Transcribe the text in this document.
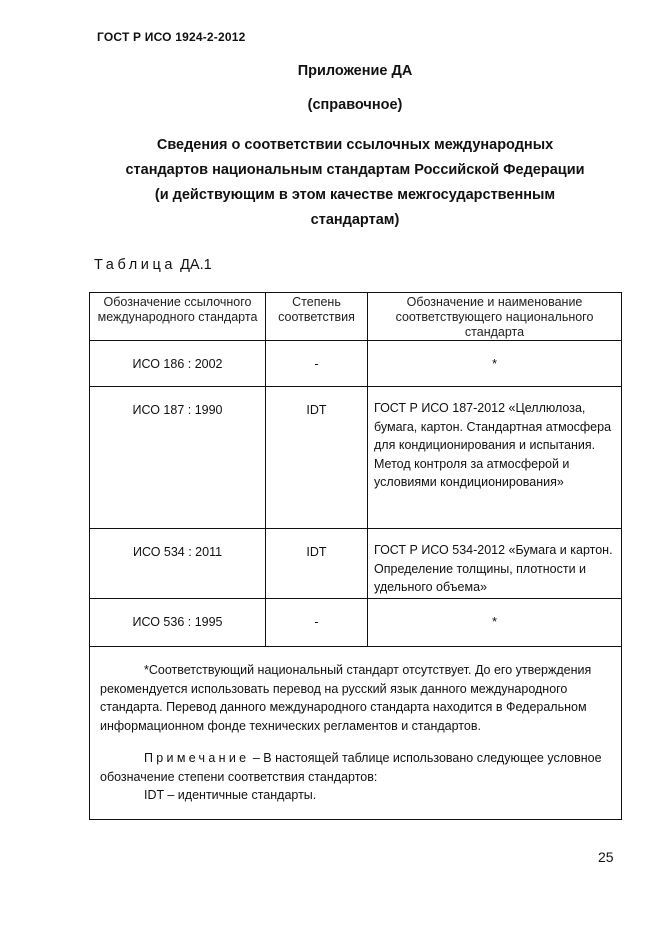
ГОСТ Р ИСО 1924-2-2012
Приложение ДА
(справочное)
Сведения о соответствии ссылочных международных
стандартов национальным стандартам Российской Федерации
(и действующим в этом качестве межгосударственным
стандартам)
Таблица ДА.1
Обозначение ссылочного международного стандарта	Степень соответствия	Обозначение и наименование соответствующего национального стандарта
ИСО 186 : 2002	-	*
ИСО 187 : 1990	IDT	ГОСТ Р ИСО 187-2012 «Целлюлоза, бумага, картон. Стандартная атмосфера для кондиционирования и испытания. Метод контроля за атмосферой и условиями кондиционирования»
ИСО 534 : 2011	IDT	ГОСТ Р ИСО 534-2012 «Бумага и картон. Определение толщины, плотности и удельного объема»
ИСО 536 : 1995	-	*

*Соответствующий национальный стандарт отсутствует. До его утверждения рекомендуется использовать перевод на русский язык данного международного стандарта. Перевод данного международного стандарта находится в Федеральном информационном фонде технических регламентов и стандартов.
Примечание – В настоящей таблице использовано следующее условное обозначение степени соответствия стандартов:
IDT – идентичные стандарты.		
25
